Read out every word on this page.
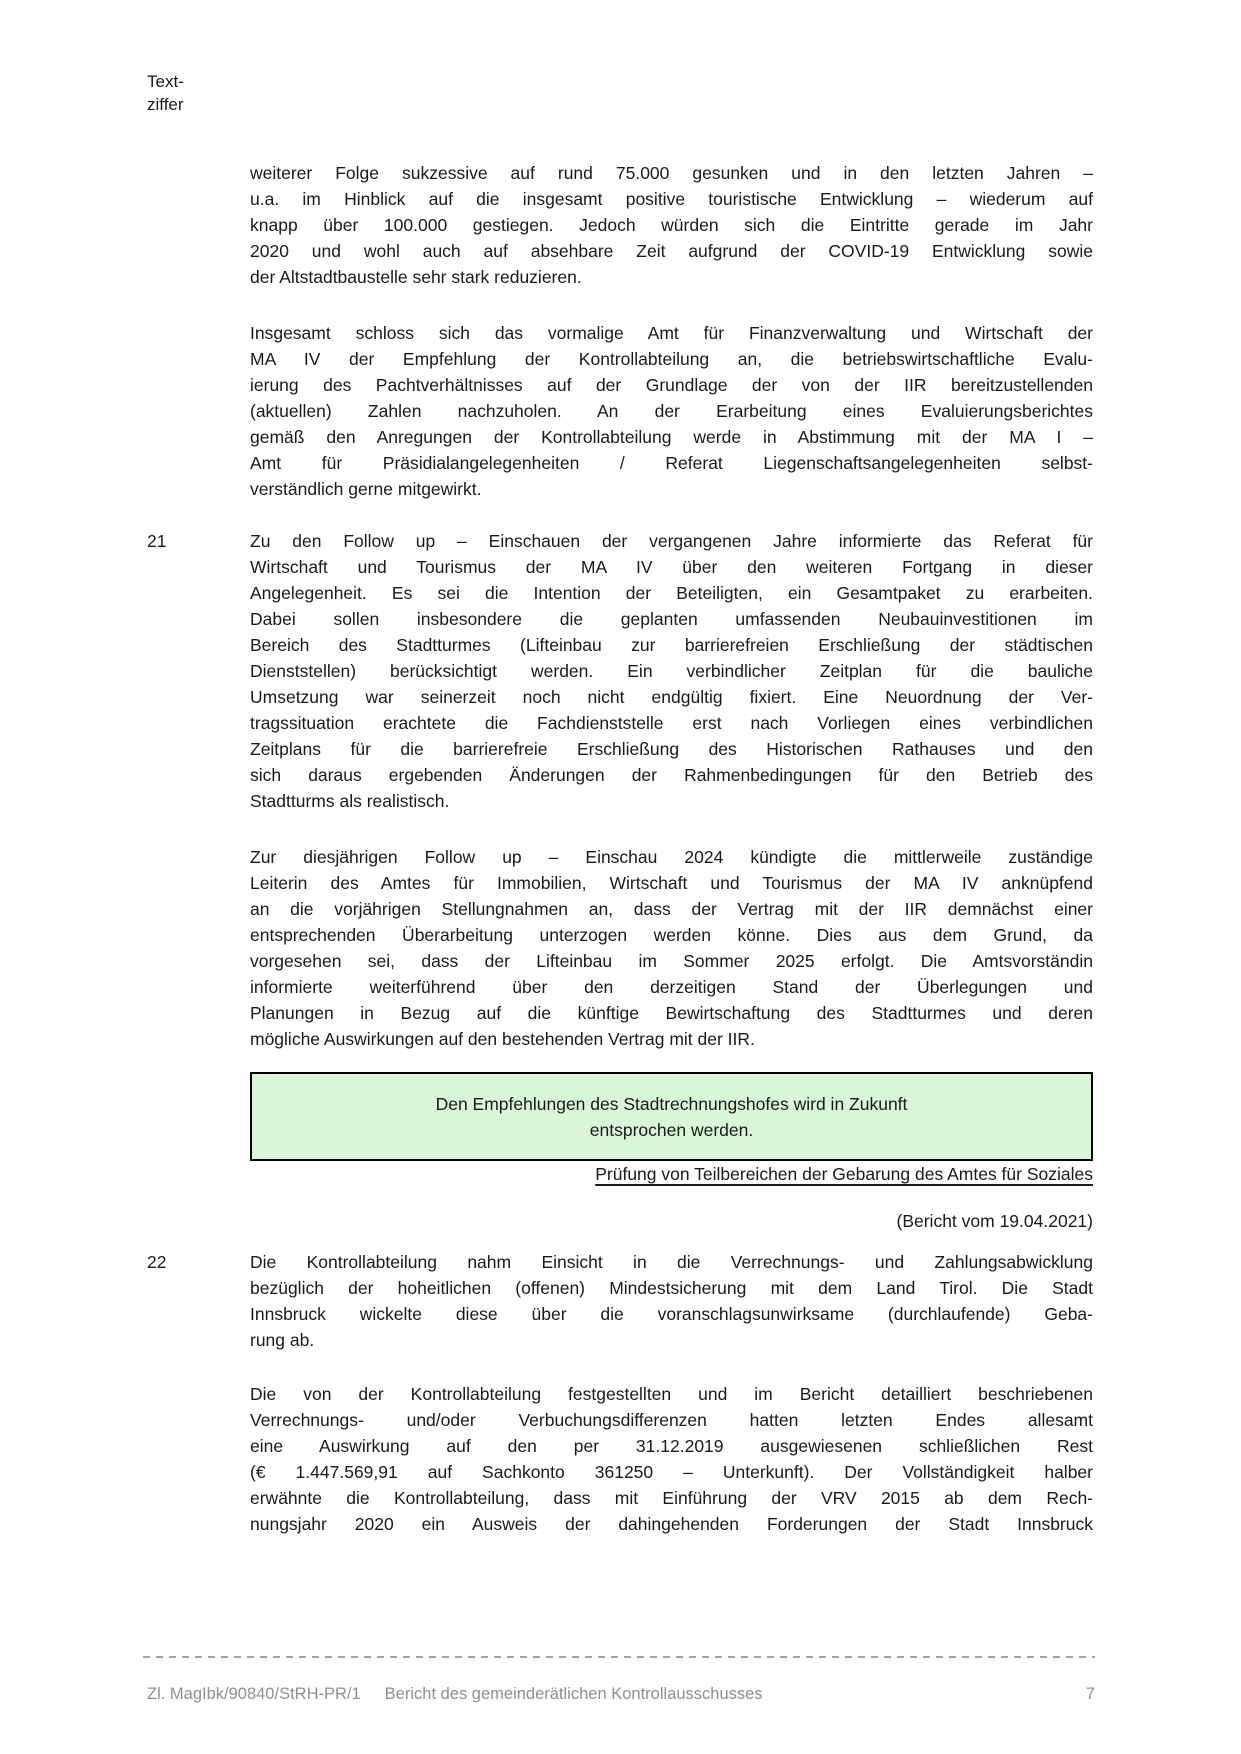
Text-
ziffer
weiterer Folge sukzessive auf rund 75.000 gesunken und in den letzten Jahren –
u.a. im Hinblick auf die insgesamt positive touristische Entwicklung – wiederum auf
knapp über 100.000 gestiegen. Jedoch würden sich die Eintritte gerade im Jahr
2020 und wohl auch auf absehbare Zeit aufgrund der COVID-19 Entwicklung sowie
der Altstadtbaustelle sehr stark reduzieren.
Insgesamt schloss sich das vormalige Amt für Finanzverwaltung und Wirtschaft der
MA IV der Empfehlung der Kontrollabteilung an, die betriebswirtschaftliche Evalu-
ierung des Pachtverhältnisses auf der Grundlage der von der IIR bereitzustellenden
(aktuellen) Zahlen nachzuholen. An der Erarbeitung eines Evaluierungsberichtes
gemäß den Anregungen der Kontrollabteilung werde in Abstimmung mit der MA I –
Amt für Präsidialangelegenheiten / Referat Liegenschaftsangelegenheiten selbst-
verständlich gerne mitgewirkt.
21	Zu den Follow up – Einschauen der vergangenen Jahre informierte das Referat für
Wirtschaft und Tourismus der MA IV über den weiteren Fortgang in dieser
Angelegenheit. Es sei die Intention der Beteiligten, ein Gesamtpaket zu erarbeiten.
Dabei sollen insbesondere die geplanten umfassenden Neubauinvestitionen im
Bereich des Stadtturmes (Lifteinbau zur barrierefreien Erschließung der städtischen
Dienststellen) berücksichtigt werden. Ein verbindlicher Zeitplan für die bauliche
Umsetzung war seinerzeit noch nicht endgültig fixiert. Eine Neuordnung der Ver-
tragssituation erachtete die Fachdienststelle erst nach Vorliegen eines verbindlichen
Zeitplans für die barrierefreie Erschließung des Historischen Rathauses und den
sich daraus ergebenden Änderungen der Rahmenbedingungen für den Betrieb des
Stadtturms als realistisch.
Zur diesjährigen Follow up – Einschau 2024 kündigte die mittlerweile zuständige
Leiterin des Amtes für Immobilien, Wirtschaft und Tourismus der MA IV anknüpfend
an die vorjährigen Stellungnahmen an, dass der Vertrag mit der IIR demnächst einer
entsprechenden Überarbeitung unterzogen werden könne. Dies aus dem Grund, da
vorgesehen sei, dass der Lifteinbau im Sommer 2025 erfolgt. Die Amtsvorständin
informierte weiterführend über den derzeitigen Stand der Überlegungen und
Planungen in Bezug auf die künftige Bewirtschaftung des Stadtturmes und deren
mögliche Auswirkungen auf den bestehenden Vertrag mit der IIR.
Den Empfehlungen des Stadtrechnungshofes wird in Zukunft
entsprochen werden.
Prüfung von Teilbereichen der Gebarung des Amtes für Soziales
(Bericht vom 19.04.2021)
22	Die Kontrollabteilung nahm Einsicht in die Verrechnungs- und Zahlungsabwicklung
bezüglich der hoheitlichen (offenen) Mindestsicherung mit dem Land Tirol. Die Stadt
Innsbruck wickelte diese über die voranschlagsunwirksame (durchlaufende) Geba-
rung ab.
Die von der Kontrollabteilung festgestellten und im Bericht detailliert beschriebenen
Verrechnungs- und/oder Verbuchungsdifferenzen hatten letzten Endes allesamt
eine Auswirkung auf den per 31.12.2019 ausgewiesenen schließlichen Rest
(€ 1.447.569,91 auf Sachkonto 361250 – Unterkunft). Der Vollständigkeit halber
erwähnte die Kontrollabteilung, dass mit Einführung der VRV 2015 ab dem Rech-
nungsjahr 2020 ein Ausweis der dahingehenden Forderungen der Stadt Innsbruck
Zl. MagIbk/90840/StRH-PR/1 Bericht des gemeinderätlichen Kontrollausschusses	7
